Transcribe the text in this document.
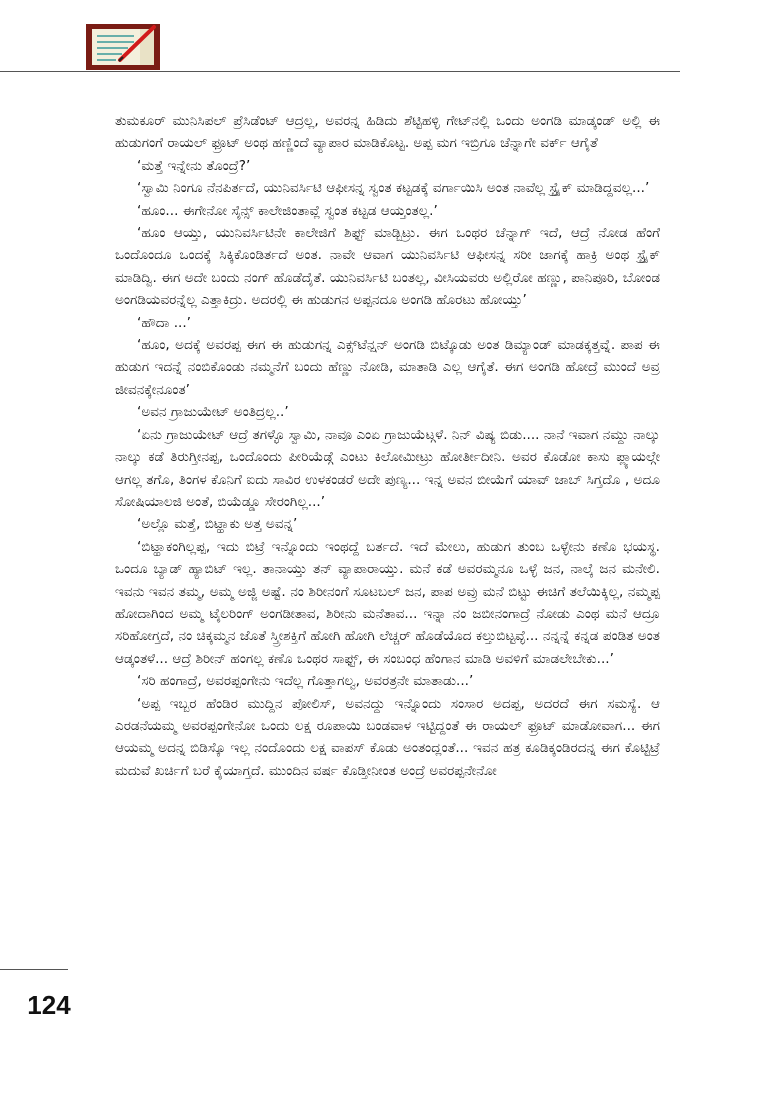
ತುಮಕೂರ್ ಮುನಿಸಿಪಲ್ ಪ್ರೆಸಿಡೆಂಟ್ ಆದ್ರಲ್ಲ, ಅವರನ್ನ ಹಿಡಿದು ಶೆಟ್ಟಿಹಳ್ಳಿ ಗೇಟ್‌ನಲ್ಲಿ ಒಂದು ಅಂಗಡಿ ಮಾಡ್ಕಂಡ್ ಅಲ್ಲಿ ಈ ಹುಡುಗಂಗೆ ರಾಯಲ್ ಫ್ರೂಟ್ ಅಂಥ ಹಣ್ಣಿಂದೆ ವ್ಯಾಪಾರ ಮಾಡಿಕೊಟ್ಟ. ಅಪ್ಪ ಮಗ ಇಬ್ರಿಗೂ ಚೆನ್ನಾಗೇ ವರ್ಕ್ ಆಗೈತೆ

‘ಮತ್ತೆ ಇನ್ನೇನು ತೊಂದ್ರೆ?’

‘ಸ್ವಾಮಿ ನಿಂಗೂ ನೆನಪಿರ್ತದೆ, ಯುನಿವರ್ಸಿಟಿ ಆಫೀಸನ್ನ ಸ್ವಂತ ಕಟ್ಟಡಕ್ಕೆ ವರ್ಗಾಯಿಸಿ ಅಂತ ನಾವೆಲ್ಲ ಸ್ಟ್ರೈಕ್ ಮಾಡಿದ್ದವಲ್ಲ...’

‘ಹೂಂ... ಈಗೇನೋ ಸೈನ್ಸ್ ಕಾಲೇಜಿಂತಾವ್ಲೆ ಸ್ವಂತ ಕಟ್ಟಡ ಆಯ್ತಂತಲ್ಲ.’

‘ಹೂಂ ಆಯ್ತು, ಯುನಿವರ್ಸಿಟಿನೇ ಕಾಲೇಜಿಗೆ ಶಿಫ್ಟ್ ಮಾಡ್ಬಿಟ್ರು. ಈಗ ಒಂಥರ ಚೆನ್ನಾಗ್ ಇದೆ, ಆದ್ರೆ ನೋಡ ಹೆಂಗೆ ಒಂದೊಂದೂ ಒಂದಕ್ಕೆ ಸಿಕ್ಕಿಕೊಂಡಿರ್ತದೆ ಅಂತ. ನಾವೇ ಆವಾಗ ಯುನಿವರ್ಸಿಟಿ ಆಫೀಸನ್ನ ಸರೀ ಜಾಗಕ್ಕೆ ಹಾಕ್ರಿ ಅಂಥ ಸ್ಟ್ರೈಕ್ ಮಾಡಿದ್ವಿ. ಈಗ ಅದೇ ಬಂದು ನಂಗ್ ಹೊಡೆದೈತೆ. ಯುನಿವರ್ಸಿಟಿ ಬಂತಲ್ಲ, ವೀಸಿಯವರು ಅಲ್ಲಿರೋ ಹಣ್ಣು, ಪಾನಿಪೂರಿ, ಬೋಂಡ ಅಂಗಡಿಯವರನ್ನೆಲ್ಲ ಎತ್ತಾಕಿದ್ರು. ಅದರಲ್ಲಿ ಈ ಹುಡುಗನ ಅಪ್ಪನದೂ ಅಂಗಡಿ ಹೊರಟು ಹೋಯ್ತು’

‘ಹೌದಾ ...’

‘ಹೂಂ, ಅದಕ್ಕೆ ಅವರಪ್ಪ ಈಗ ಈ ಹುಡುಗನ್ನ ಎಕ್ಸ್‌ಟೆನ್ಷನ್ ಅಂಗಡಿ ಬಿಟ್ಕೊಡು ಅಂತ ಡಿಮ್ಯಾಂಡ್ ಮಾಡಕ್ಕತ್ತವ್ನೆ. ಪಾಪ ಈ ಹುಡುಗ ಇದನ್ನೆ ನಂಬಿಕೊಂಡು ನಮ್ಮನೆಗೆ ಬಂದು ಹೆಣ್ಣು ನೋಡಿ, ಮಾತಾಡಿ ಎಲ್ಲ ಆಗೈತೆ. ಈಗ ಅಂಗಡಿ ಹೋದ್ರೆ ಮುಂದೆ ಅವ್ರ ಜೀವನಕ್ಕೇನೂಂತ’

‘ಅವನ ಗ್ರಾಜುಯೇಟ್ ಅಂತಿದ್ರಲ್ಲ..’

‘ಏನು ಗ್ರಾಜುಯೇಟ್ ಆದ್ರೆ ತಗಳ್ಳೊ ಸ್ವಾಮಿ, ನಾವೂ ಎಂಏ ಗ್ರಾಜುಯೆಟ್ಗಳೆ. ನಿನ್ ವಿಷ್ಯ ಬಿಡು.... ನಾನೆ ಇವಾಗ ನಮ್ದು ನಾಲ್ಕು ನಾಲ್ಕು ಕಡೆ ತಿರುಗ್ತೀನಪ್ಪ, ಒಂದೊಂದು ಪೀರಿಯೆಡ್ಗೆ ಎಂಟು ಕಿಲೋಮೀಟ್ರು ಹೋರ್ತೀದೀನಿ. ಅವರ ಕೊಡೋ ಕಾಸು ಪ್ಲ್ಯಾಯಲ್ಗೇ ಆಗಲ್ಲ ತಗೊ, ತಿಂಗಳ ಕೊನಿಗೆ ಐದು ಸಾವಿರ ಉಳಕಂಡರೆ ಅದೇ ಪುಣ್ಯ... ಇನ್ನ ಅವನ ಬೀಯೆಗೆ ಯಾವ್ ಜಾಬ್ ಸಿಗ್ತದೊ , ಅದೂ ಸೋಷಿಯಾಲಜಿ ಅಂತೆ, ಬಿಯೆಡ್ಡೂ ಸೇರಂಗಿಲ್ಲ...’

‘ಅಲ್ಲೊ ಮತ್ತೆ, ಬಿಟ್ಹಾಕು ಅತ್ತ ಅವನ್ನ’

‘ಬಿಟ್ಹಾಕಂಗಿಲ್ಲಪ್ಪ, ಇದು ಬಿಟ್ರೆ ಇನ್ನೊಂದು ಇಂಥದ್ದೆ ಬರ್ತದೆ. ಇದೆ ಮೇಲು, ಹುಡುಗ ತುಂಬ ಒಳ್ಳೇನು ಕಣೊ ಭಯಸ್ಥ. ಒಂದೂ ಬ್ಯಾಡ್ ಹ್ಯಾಬಿಟ್ ಇಲ್ಲ. ತಾನಾಯ್ತು ತನ್ ವ್ಯಾಪಾರಾಯ್ತು. ಮನೆ ಕಡೆ ಅವರಮ್ಮನೂ ಒಳ್ಳೆ ಜನ, ನಾಲ್ಕೆ ಜನ ಮನೇಲಿ. ಇವನು ಇವನ ತಮ್ಮ, ಅಮ್ಮ ಅಜ್ಜಿ ಅಷ್ಟೆ. ನಂ ಶಿರೀನಂಗೆ ಸೂಟಬಲ್ ಜನ, ಪಾಪ ಅವ್ರು ಮನೆ ಬಿಟ್ಟು ಈಚಿಗೆ ತಲೆಯಿಕ್ಕಿಲ್ಲ, ನಮ್ಮಪ್ಪ ಹೋದಾಗಿಂದ ಅಮ್ಮ ಟೈಲರಿಂಗ್ ಅಂಗಡೀತಾವ, ಶಿರೀನು ಮನೆತಾವ... ಇನ್ನಾ ನಂ ಜಬೀನಂಗಾದ್ರೆ ನೋಡು ಎಂಥ ಮನೆ ಆದ್ರೂ ಸರಿಹೋಗ್ತದೆ, ನಂ ಚಿಕ್ಕಮ್ಮನ ಜೊತೆ ಸ್ತ್ರೀಶಕ್ತಿಗೆ ಹೋಗಿ ಹೋಗಿ ಲೆಚ್ಚರ್ ಹೊಡೆಯೊದ ಕಲ್ತುಬಿಟ್ಟವ್ಳೆ... ನನ್ನನ್ನೆ ಕನ್ನಡ ಪಂಡಿತ ಅಂತ ಆಡ್ಕಂತಳೆ... ಆದ್ರೆ ಶಿರೀನ್ ಹಂಗಲ್ಲ ಕಣೊ ಒಂಥರ ಸಾಫ್ಟ್, ಈ ಸಂಬಂಧ ಹೆಂಗಾನ ಮಾಡಿ ಅವಳಿಗೆ ಮಾಡಲೇಬೇಕು...’

‘ಸರಿ ಹಂಗಾದ್ರೆ, ಅವರಪ್ಪಂಗೇನು ಇದೆಲ್ಲ ಗೊತ್ತಾಗಲ್ವ, ಅವರತ್ರನೇ ಮಾತಾಡು...’

‘ಅಪ್ಪ ಇಬ್ಬರ ಹೆಂಡಿರ ಮುದ್ದಿನ ಪೋಲಿಸ್, ಅವನದ್ದು ಇನ್ನೊಂದು ಸಂಸಾರ ಅದಪ್ಪ, ಅದರದೆ ಈಗ ಸಮಸ್ಯೆ. ಆ ಎರಡನೆಯಮ್ಮ ಅವರಪ್ಪಂಗೇನೋ ಒಂದು ಲಕ್ಷ ರೂಪಾಯಿ ಬಂಡವಾಳ ಇಟ್ಟಿದ್ದಂತೆ ಈ ರಾಯಲ್ ಫ್ರೂಟ್ ಮಾಡೋವಾಗ... ಈಗ ಆಯಮ್ಮ ಅದನ್ನ ಬಿಡಿಸ್ಕೊ ಇಲ್ಲ ನಂದೊಂದು ಲಕ್ಷ ವಾಪಸ್ ಕೊಡು ಅಂತಂದ್ಲಂತೆ... ಇವನ ಹತ್ರ ಕೂಡಿಕ್ಕಂಡಿರದನ್ನ ಈಗ ಕೊಟ್ಟಿಟ್ರೆ ಮದುವೆ ಖರ್ಚಿಗೆ ಬರೆ ಕೈಯಾಗ್ತದೆ. ಮುಂದಿನ ವರ್ಷ ಕೊಡ್ತೀನೀಂತ ಅಂದ್ರೆ ಅವರಪ್ಪನೇನೋ

124
